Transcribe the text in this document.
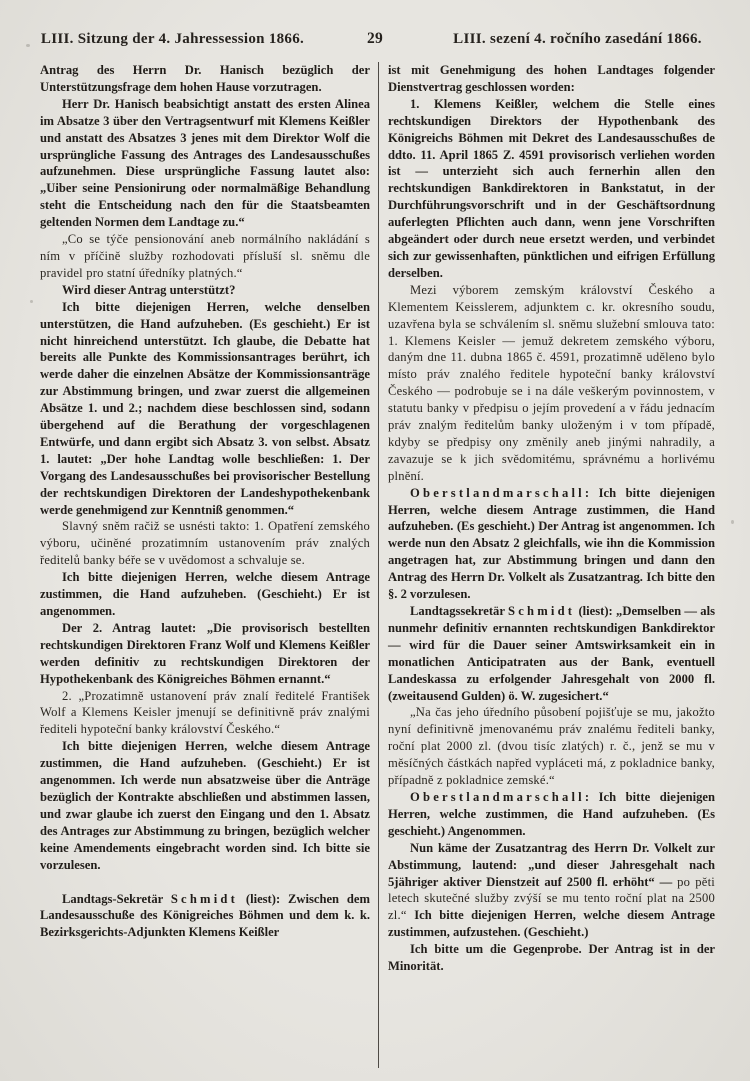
LIII. Sitzung der 4. Jahressession 1866.	29	LIII. sezení 4. ročního zasedání 1866.

Antrag des Herrn Dr. Hanisch bezüglich der Unterstützungsfrage dem hohen Hause vorzutragen.

Herr Dr. Hanisch beabsichtigt anstatt des ersten Alinea im Absatze 3 über den Vertragsentwurf mit Klemens Keißler und anstatt des Absatzes 3 jenes mit dem Direktor Wolf die ursprüngliche Fassung des Antrages des Landesausschußes aufzunehmen. Diese ursprüngliche Fassung lautet also: „Uiber seine Pensionirung oder normalmäßige Behandlung steht die Entscheidung nach den für die Staatsbeamten geltenden Normen dem Landtage zu.“

„Co se týče pensionování aneb normálního nakládání s ním v příčině služby rozhodovati přísluší sl. sněmu dle pravidel pro statní úředníky platných.“

Wird dieser Antrag unterstützt?

Ich bitte diejenigen Herren, welche denselben unterstützen, die Hand aufzuheben. (Es geschieht.) Er ist nicht hinreichend unterstützt. Ich glaube, die Debatte hat bereits alle Punkte des Kommissionsantrages berührt, ich werde daher die einzelnen Absätze der Kommissionsanträge zur Abstimmung bringen, und zwar zuerst die allgemeinen Absätze 1. und 2.; nachdem diese beschlossen sind, sodann übergehend auf die Berathung der vorgeschlagenen Entwürfe, und dann ergibt sich Absatz 3. von selbst. Absatz 1. lautet: „Der hohe Landtag wolle beschließen: 1. Der Vorgang des Landesausschußes bei provisorischer Bestellung der rechtskundigen Direktoren der Landeshypothekenbank werde genehmigend zur Kenntniß genommen.“

Slavný sněm račiž se usnésti takto: 1. Opatření zemského výboru, učiněné prozatimním ustanovením práv znalých ředitelů banky béře se v uvědomost a schvaluje se.

Ich bitte diejenigen Herren, welche diesem Antrage zustimmen, die Hand aufzuheben. (Geschieht.) Er ist angenommen.

Der 2. Antrag lautet: „Die provisorisch bestellten rechtskundigen Direktoren Franz Wolf und Klemens Keißler werden definitiv zu rechtskundigen Direktoren der Hypothekenbank des Königreiches Böhmen ernannt.“

2. „Prozatimně ustanovení práv znalí ředitelé František Wolf a Klemens Keisler jmenují se definitivně práv znalými řediteli hypoteční banky království Českého.“

Ich bitte diejenigen Herren, welche diesem Antrage zustimmen, die Hand aufzuheben. (Geschieht.) Er ist angenommen. Ich werde nun absatzweise über die Anträge bezüglich der Kontrakte abschließen und abstimmen lassen, und zwar glaube ich zuerst den Eingang und den 1. Absatz des Antrages zur Abstimmung zu bringen, bezüglich welcher keine Amendements eingebracht worden sind. Ich bitte sie vorzulesen.

Landtags-Sekretär Schmidt (liest): Zwischen dem Landesausschuße des Königreiches Böhmen und dem k. k. Bezirksgerichts-Adjunkten Klemens Keißler

ist mit Genehmigung des hohen Landtages folgender Dienstvertrag geschlossen worden:

1. Klemens Keißler, welchem die Stelle eines rechtskundigen Direktors der Hypothenbank des Königreichs Böhmen mit Dekret des Landesausschußes de ddto. 11. April 1865 Z. 4591 provisorisch verliehen worden ist — unterzieht sich auch fernerhin allen den rechtskundigen Bankdirektoren in Bankstatut, in der Durchführungsvorschrift und in der Geschäftsordnung auferlegten Pflichten auch dann, wenn jene Vorschriften abgeändert oder durch neue ersetzt werden, und verbindet sich zur gewissenhaften, pünktlichen und eifrigen Erfüllung derselben.

Mezi výborem zemským království Českého a Klementem Keisslerem, adjunktem c. kr. okresního soudu, uzavřena byla se schválením sl. sněmu služební smlouva tato: 1. Klemens Keisler — jemuž dekretem zemského výboru, daným dne 11. dubna 1865 č. 4591, prozatimně uděleno bylo místo práv znalého ředitele hypoteční banky království Českého — podrobuje se i na dále veškerým povinnostem, v statutu banky v předpisu o jejím provedení a v řádu jednacím práv znalým ředitelům banky uloženým i v tom případě, kdyby se předpisy ony změnily aneb jinými nahradily, a zavazuje se k jich svědomitému, správnému a horlivému plnění.

Oberstlandmarschall: Ich bitte diejenigen Herren, welche diesem Antrage zustimmen, die Hand aufzuheben. (Es geschieht.) Der Antrag ist angenommen. Ich werde nun den Absatz 2 gleichfalls, wie ihn die Kommission angetragen hat, zur Abstimmung bringen und dann den Antrag des Herrn Dr. Volkelt als Zusatzantrag. Ich bitte den §. 2 vorzulesen.

Landtagssekretär Schmidt (liest): „Demselben — als nunmehr definitiv ernannten rechtskundigen Bankdirektor — wird für die Dauer seiner Amtswirksamkeit ein in monatlichen Anticipatraten aus der Bank, eventuell Landeskassa zu erfolgender Jahresgehalt von 2000 fl. (zweitausend Gulden) ö. W. zugesichert.“

„Na čas jeho úředního působení pojišťuje se mu, jakožto nyní definitivně jmenovanému práv znalému řediteli banky, roční plat 2000 zl. (dvou tisíc zlatých) r. č., jenž se mu v měsíčných částkách napřed vypláceti má, z pokladnice banky, případně z pokladnice zemské.“

Oberstlandmarschall: Ich bitte diejenigen Herren, welche zustimmen, die Hand aufzuheben. (Es geschieht.) Angenommen.

Nun käme der Zusatzantrag des Herrn Dr. Volkelt zur Abstimmung, lautend: „und dieser Jahresgehalt nach 5jähriger aktiver Dienstzeit auf 2500 fl. erhöht“ — po pěti letech skutečné služby zvýší se mu tento roční plat na 2500 zl.“ Ich bitte diejenigen Herren, welche diesem Antrage zustimmen, aufzustehen. (Geschieht.)

Ich bitte um die Gegenprobe. Der Antrag ist in der Minorität.
